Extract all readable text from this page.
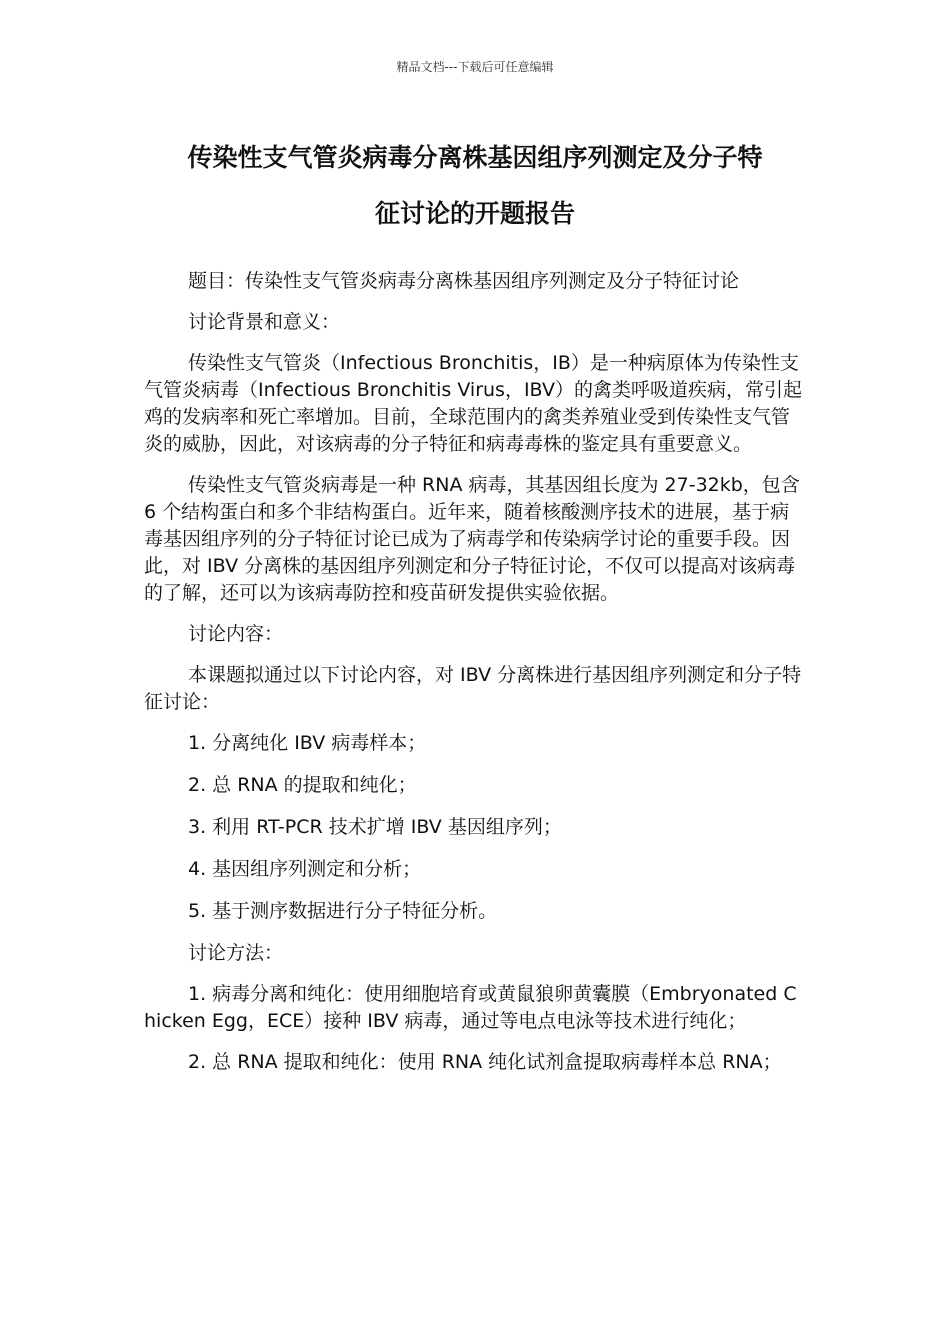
精品文档---下载后可任意编辑
传染性支气管炎病毒分离株基因组序列测定及分子特
征讨论的开题报告

题目：传染性支气管炎病毒分离株基因组序列测定及分子特征讨论

讨论背景和意义：

传染性支气管炎（Infectious Bronchitis，IB）是一种病原体为传染性支气管炎病毒（Infectious Bronchitis Virus，IBV）的禽类呼吸道疾病，常引起鸡的发病率和死亡率增加。目前，全球范围内的禽类养殖业受到传染性支气管炎的威胁，因此，对该病毒的分子特征和病毒毒株的鉴定具有重要意义。

传染性支气管炎病毒是一种 RNA 病毒，其基因组长度为 27-32kb，包含 6 个结构蛋白和多个非结构蛋白。近年来，随着核酸测序技术的进展，基于病毒基因组序列的分子特征讨论已成为了病毒学和传染病学讨论的重要手段。因此，对 IBV 分离株的基因组序列测定和分子特征讨论，不仅可以提高对该病毒的了解，还可以为该病毒防控和疫苗研发提供实验依据。

讨论内容：

本课题拟通过以下讨论内容，对 IBV 分离株进行基因组序列测定和分子特征讨论：

1. 分离纯化 IBV 病毒样本；

2. 总 RNA 的提取和纯化；

3. 利用 RT-PCR 技术扩增 IBV 基因组序列；

4. 基因组序列测定和分析；

5. 基于测序数据进行分子特征分析。

讨论方法：

1. 病毒分离和纯化：使用细胞培育或黄鼠狼卵黄囊膜（Embryonated Chicken Egg，ECE）接种 IBV 病毒，通过等电点电泳等技术进行纯化；

2. 总 RNA 提取和纯化：使用 RNA 纯化试剂盒提取病毒样本总 RNA；
